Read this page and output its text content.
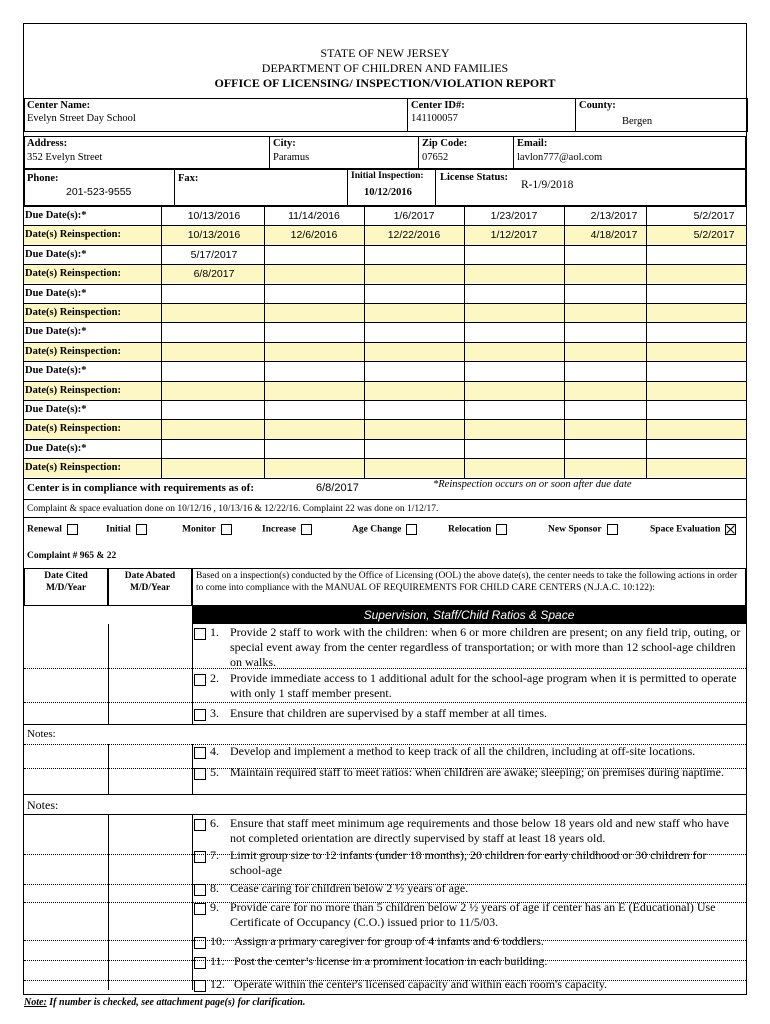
STATE OF NEW JERSEY
DEPARTMENT OF CHILDREN AND FAMILIES
OFFICE OF LICENSING/ INSPECTION/VIOLATION REPORT
Center Name:
Evelyn Street Day School
Center ID#:
141100057
County:
Bergen
Address:
352 Evelyn Street
City:
Paramus
Zip Code:
07652
Email:
lavlon777@aol.com
Phone:
201-523-9555
Fax:	Initial Inspection:
10/12/2016
License Status:
R-1/9/2018
Due Date(s):*	10/13/2016	11/14/2016	1/6/2017	1/23/2017	2/13/2017	5/2/2017
Date(s) Reinspection:	10/13/2016	12/6/2016	12/22/2016	1/12/2017	4/18/2017	5/2/2017
Due Date(s):*	5/17/2017
Date(s) Reinspection:	6/8/2017
Due Date(s):*
Date(s) Reinspection:
Due Date(s):*
Date(s) Reinspection:
Due Date(s):*
Date(s) Reinspection:
Due Date(s):*
Date(s) Reinspection:
Due Date(s):*
Date(s) Reinspection:
Center is in compliance with requirements as of:	6/8/2017	*Reinspection occurs on or soon after due date
Complaint & space evaluation done on 10/12/16 , 10/13/16 & 12/22/16. Complaint 22 was done on 1/12/17.
Renewal	Initial	Monitor	Increase	Age Change	Relocation	New Sponsor	Space Evaluation
Complaint # 965 & 22
Date Cited M/D/Year
Date Abated M/D/Year
Based on a inspection(s) conducted by the Office of Licensing (OOL) the above date(s), the center needs to take the following actions in order to come into compliance with the MANUAL OF REQUIREMENTS FOR CHILD CARE CENTERS (N.J.A.C. 10:122):
Supervision, Staff/Child Ratios & Space
Notes:
Notes:
1. Provide 2 staff to work with the children: when 6 or more children are present; on any field trip, outing, or special event away from the center regardless of transportation; or with more than 12 school-age children on walks.
2. Provide immediate access to 1 additional adult for the school-age program when it is permitted to operate with only 1 staff member present.
3. Ensure that children are supervised by a staff member at all times.
4. Develop and implement a method to keep track of all the children, including at off-site locations.
5. Maintain required staff to meet ratios: when children are awake; sleeping; on premises during naptime.
6. Ensure that staff meet minimum age requirements and those below 18 years old and new staff who have not completed orientation are directly supervised by staff at least 18 years old.
7. Limit group size to 12 infants (under 18 months), 20 children for early childhood or 30 children for school-age
8. Cease caring for children below 2 ½ years of age.
9. Provide care for no more than 5 children below 2 ½ years of age if center has an E (Educational) Use Certificate of Occupancy (C.O.) issued prior to 11/5/03.
10. Assign a primary caregiver for group of 4 infants and 6 toddlers.
11. Post the center’s license in a prominent location in each building.
12. Operate within the center's licensed capacity and within each room's capacity.
Note: If number is checked, see attachment page(s) for clarification.
